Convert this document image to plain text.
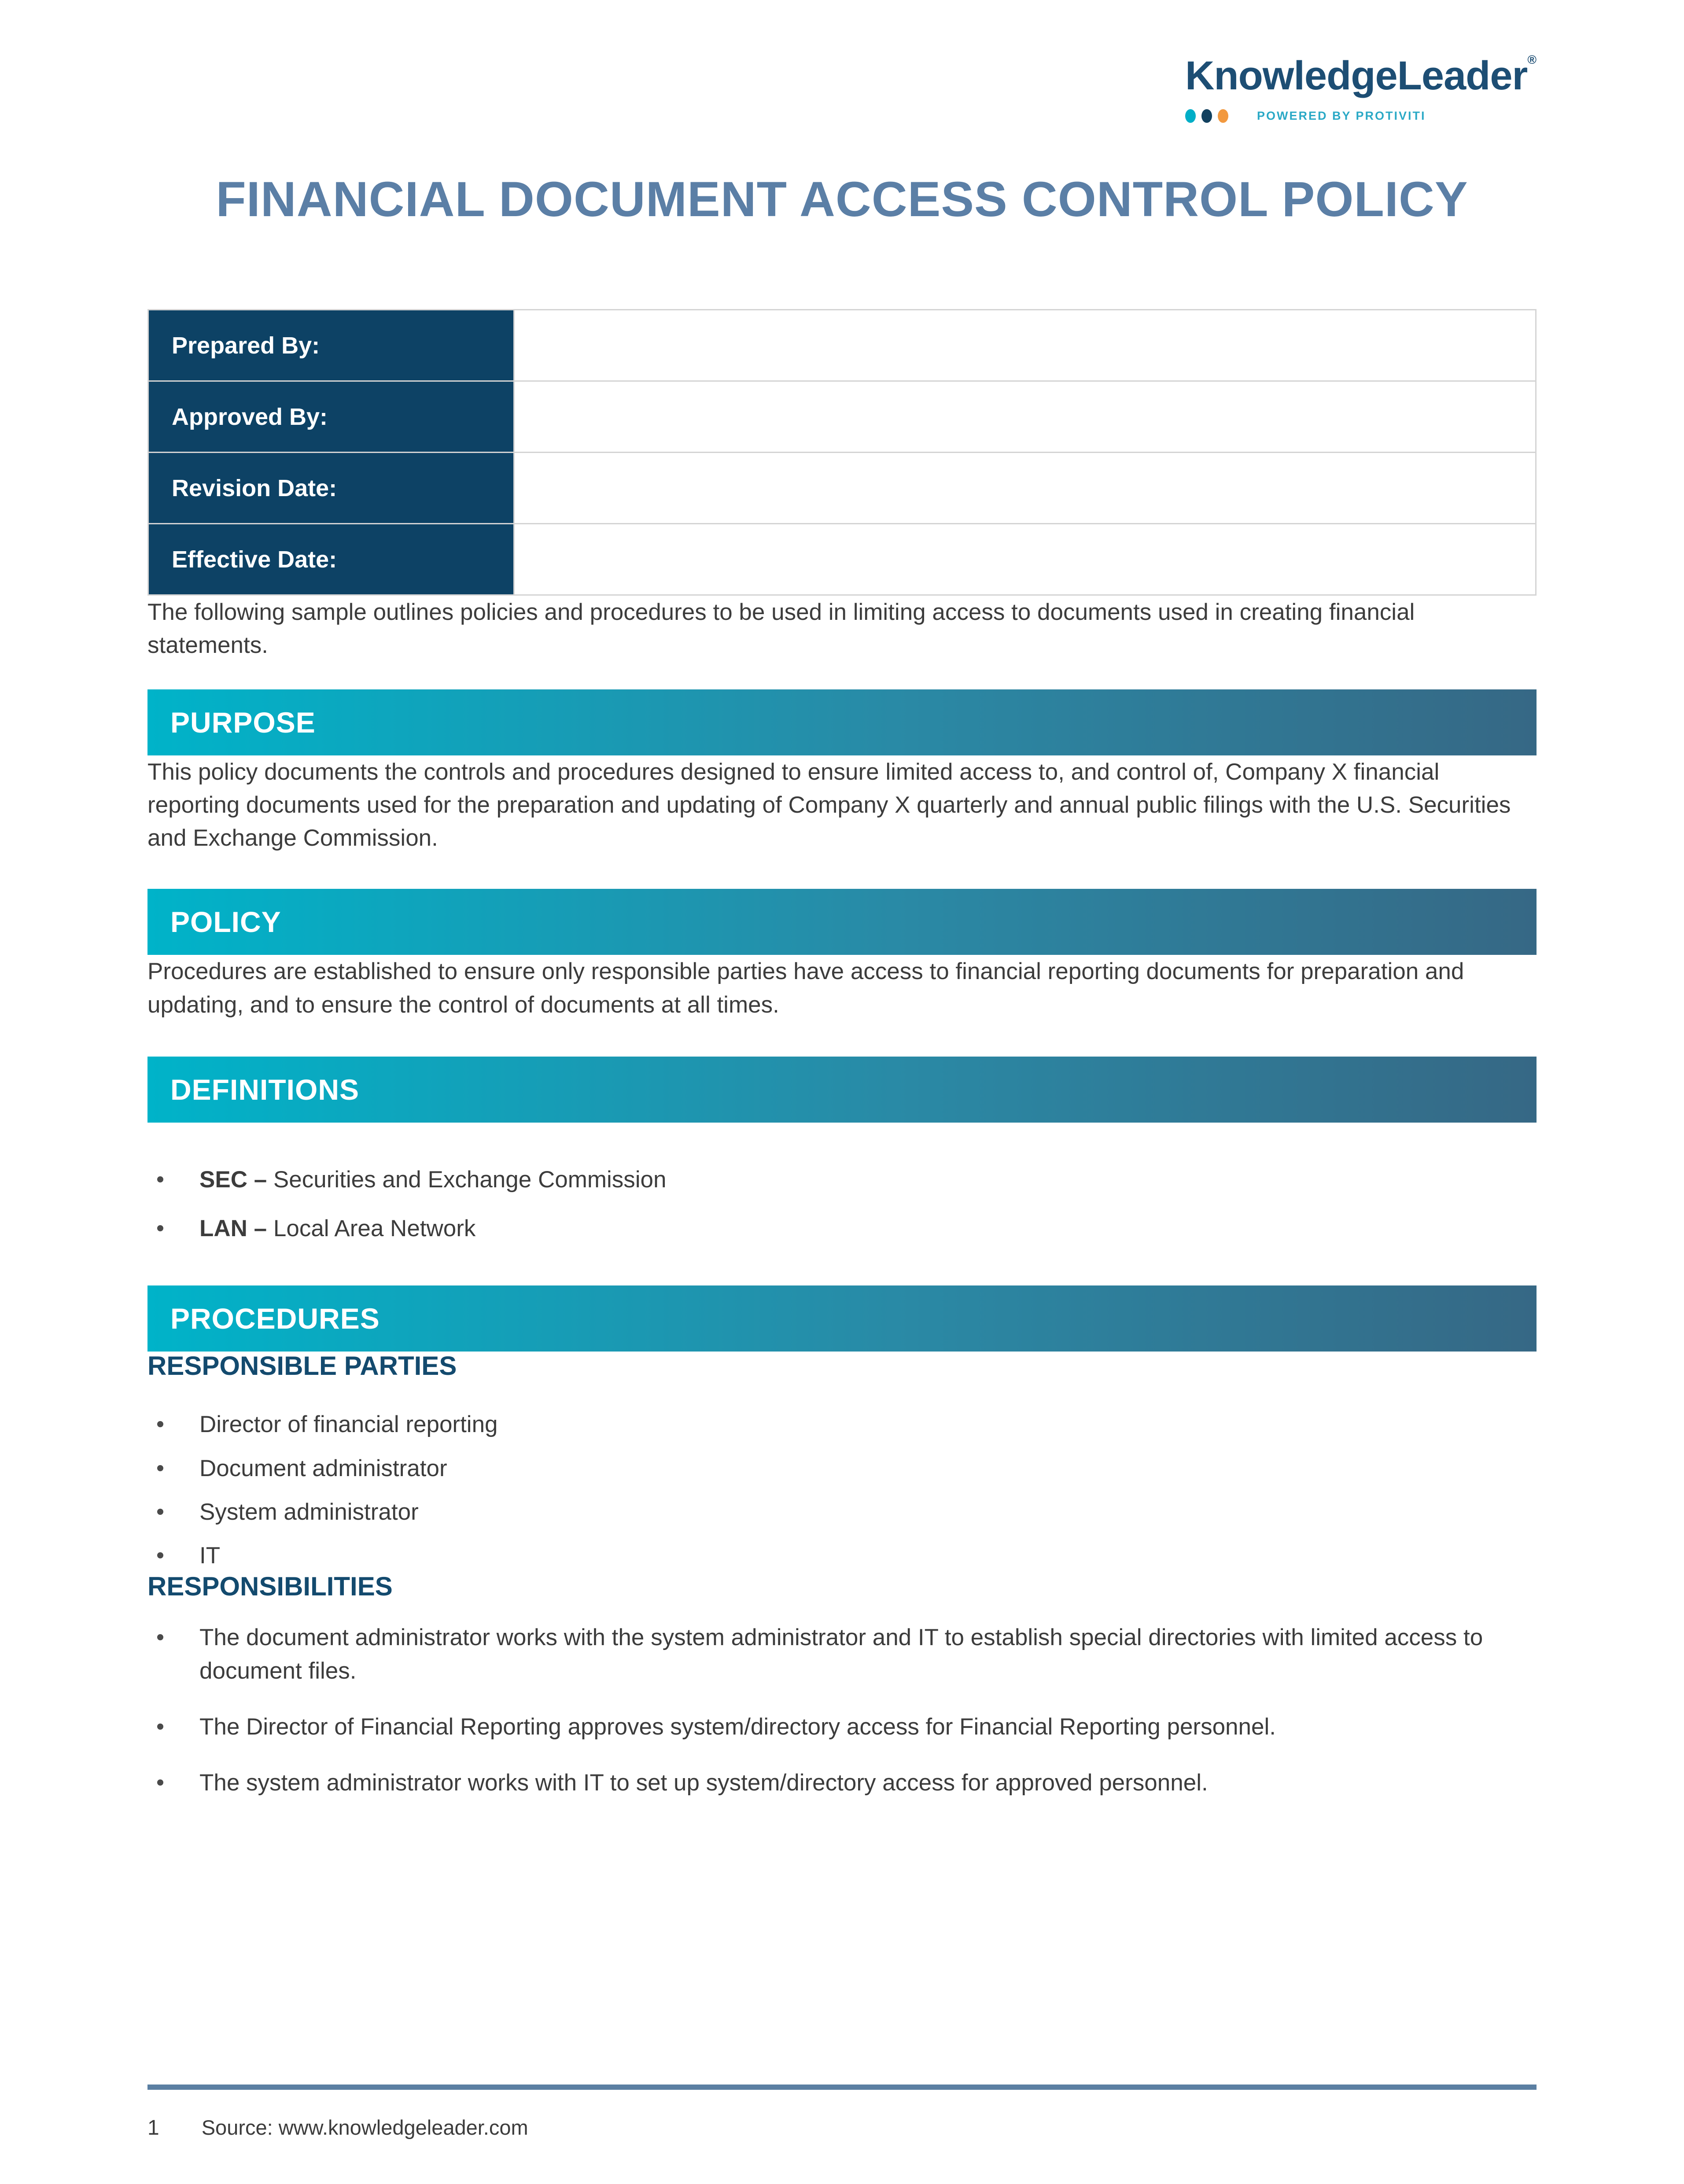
KnowledgeLeader®
POWERED BY PROTIVITI
FINANCIAL DOCUMENT ACCESS CONTROL POLICY
Prepared By:	
Approved By:	
Revision Date:	
Effective Date:	

The following sample outlines policies and procedures to be used in limiting access to documents used in creating financial statements.

PURPOSE

This policy documents the controls and procedures designed to ensure limited access to, and control of, Company X financial reporting documents used for the preparation and updating of Company X quarterly and annual public filings with the U.S. Securities and Exchange Commission.

POLICY

Procedures are established to ensure only responsible parties have access to financial reporting documents for preparation and updating, and to ensure the control of documents at all times.

DEFINITIONS
SEC – Securities and Exchange Commission
LAN – Local Area Network
PROCEDURES
RESPONSIBLE PARTIES
Director of financial reporting
Document administrator
System administrator
IT
RESPONSIBILITIES
The document administrator works with the system administrator and IT to establish special directories with limited access to document files.
The Director of Financial Reporting approves system/directory access for Financial Reporting personnel.
The system administrator works with IT to set up system/directory access for approved personnel.
1 Source: www.knowledgeleader.com
